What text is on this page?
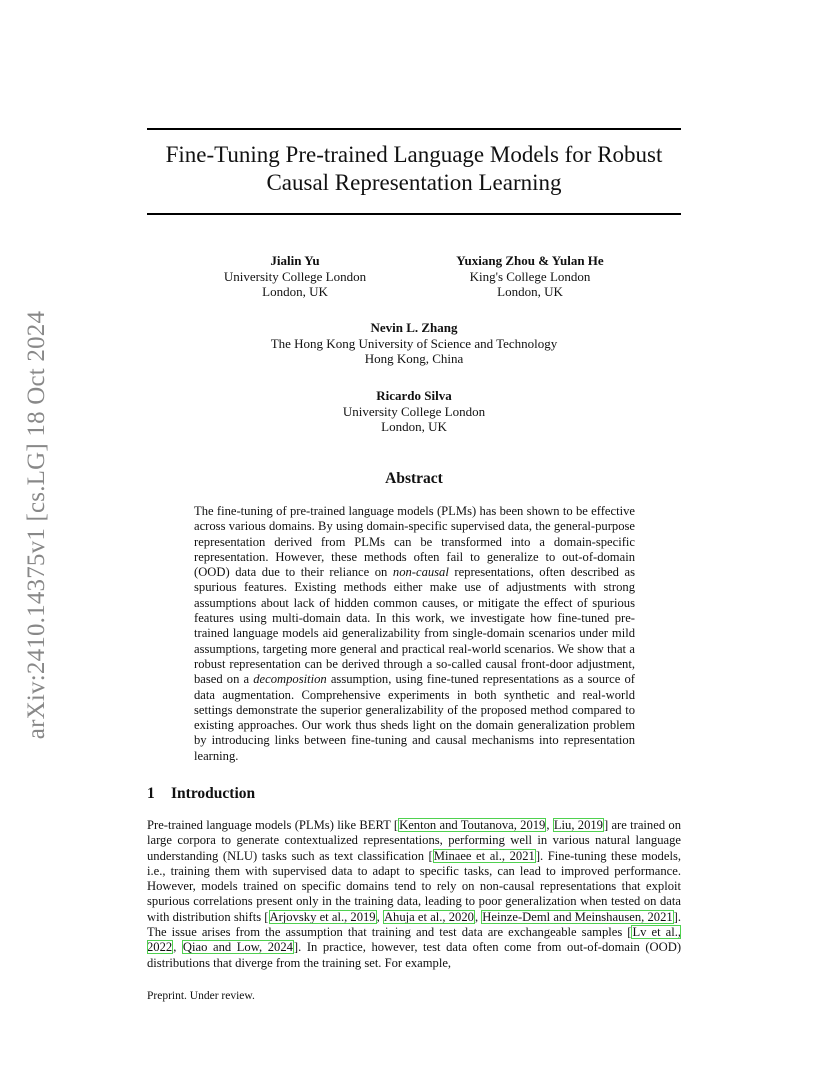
arXiv:2410.14375v1 [cs.LG] 18 Oct 2024
Fine-Tuning Pre-trained Language Models for Robust
Causal Representation Learning
Jialin Yu
University College London
London, UK
Yuxiang Zhou & Yulan He
King's College London
London, UK
Nevin L. Zhang
The Hong Kong University of Science and Technology
Hong Kong, China
Ricardo Silva
University College London
London, UK
Abstract
The fine-tuning of pre-trained language models (PLMs) has been shown to be effective across various domains. By using domain-specific supervised data, the general-purpose representation derived from PLMs can be transformed into a domain-specific representation. However, these methods often fail to generalize to out-of-domain (OOD) data due to their reliance on non-causal representations, often described as spurious features. Existing methods either make use of adjustments with strong assumptions about lack of hidden common causes, or mitigate the effect of spurious features using multi-domain data. In this work, we investigate how fine-tuned pre-trained language models aid generalizability from single-domain scenarios under mild assumptions, targeting more general and practical real-world scenarios. We show that a robust representation can be derived through a so-called causal front-door adjustment, based on a decomposition assumption, using fine-tuned representations as a source of data augmentation. Comprehensive experiments in both synthetic and real-world settings demonstrate the superior generalizability of the proposed method compared to existing approaches. Our work thus sheds light on the domain generalization problem by introducing links between fine-tuning and causal mechanisms into representation learning.
1 Introduction
Pre-trained language models (PLMs) like BERT [Kenton and Toutanova, 2019, Liu, 2019] are trained on large corpora to generate contextualized representations, performing well in various natural language understanding (NLU) tasks such as text classification [Minaee et al., 2021]. Fine-tuning these models, i.e., training them with supervised data to adapt to specific tasks, can lead to improved performance. However, models trained on specific domains tend to rely on non-causal representations that exploit spurious correlations present only in the training data, leading to poor generalization when tested on data with distribution shifts [Arjovsky et al., 2019, Ahuja et al., 2020, Heinze-Deml and Meinshausen, 2021]. The issue arises from the assumption that training and test data are exchangeable samples [Lv et al., 2022, Qiao and Low, 2024]. In practice, however, test data often come from out-of-domain (OOD) distributions that diverge from the training set. For example,
Preprint. Under review.
